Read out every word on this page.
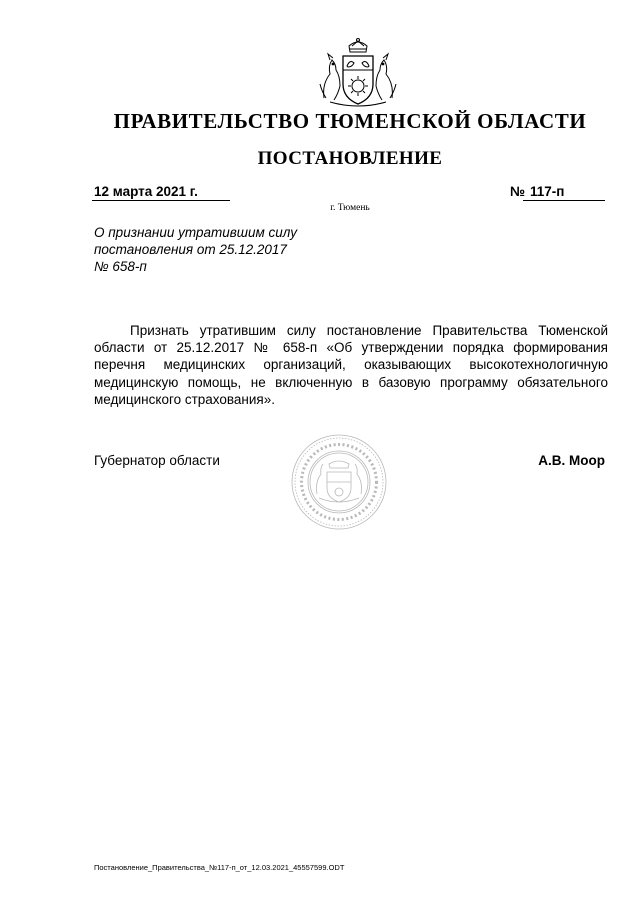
ПРАВИТЕЛЬСТВО ТЮМЕНСКОЙ ОБЛАСТИ
ПОСТАНОВЛЕНИЕ
12 марта 2021 г.	№ 117-п
г. Тюмень
О признании утратившим силу
постановления от 25.12.2017
№ 658-п
Признать утратившим силу постановление Правительства Тюменской
области от 25.12.2017 № 658-п «Об утверждении порядка формирования
перечня медицинских организаций, оказывающих высокотехнологичную
медицинскую помощь, не включенную в базовую программу обязательного
медицинского страхования».
Губернатор области	А.В. Моор
Постановление_Правительства_№117-п_от_12.03.2021_45557599.ODT
